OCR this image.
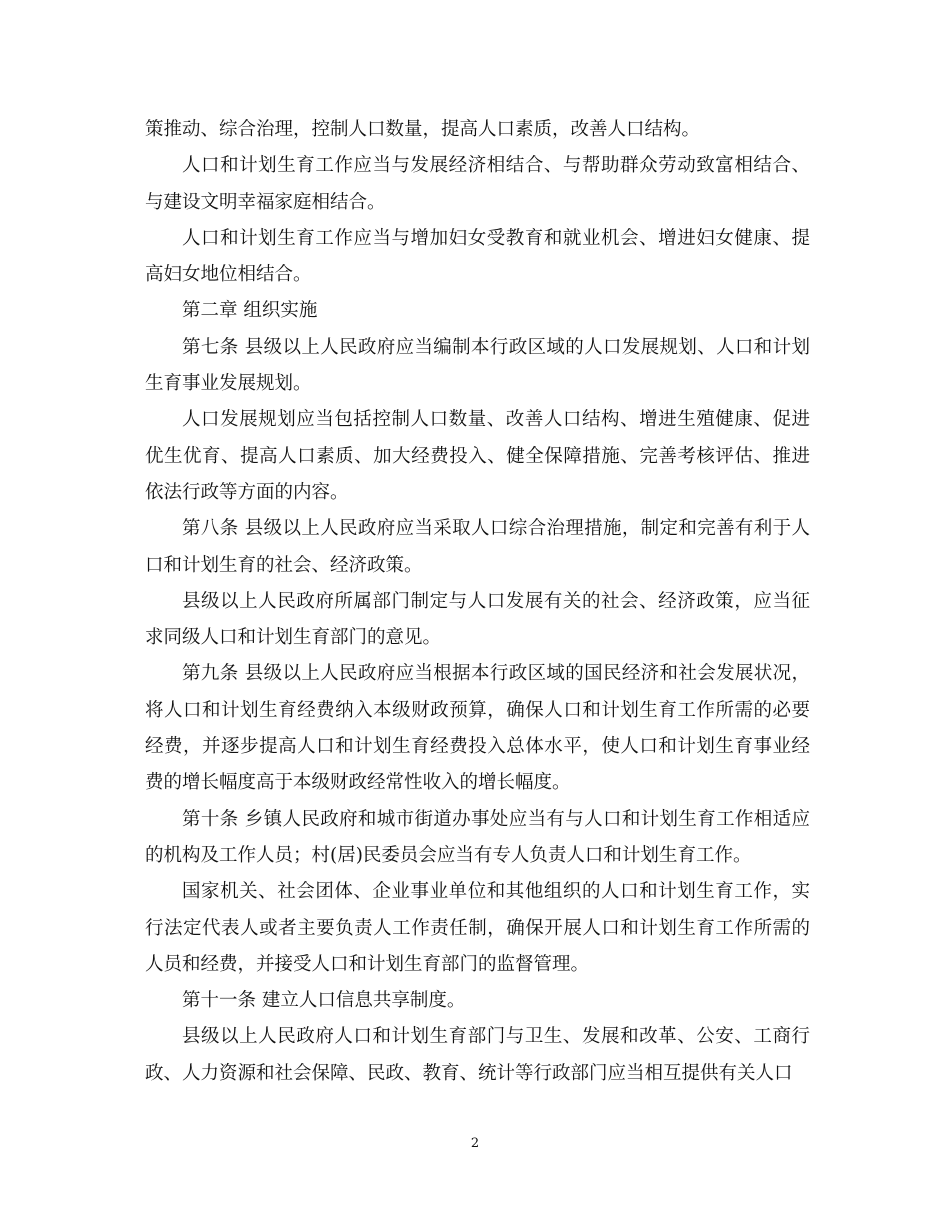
策推动、综合治理，控制人口数量，提高人口素质，改善人口结构。

人口和计划生育工作应当与发展经济相结合、与帮助群众劳动致富相结合、与建设文明幸福家庭相结合。

人口和计划生育工作应当与增加妇女受教育和就业机会、增进妇女健康、提高妇女地位相结合。

第二章 组织实施

第七条 县级以上人民政府应当编制本行政区域的人口发展规划、人口和计划生育事业发展规划。

人口发展规划应当包括控制人口数量、改善人口结构、增进生殖健康、促进优生优育、提高人口素质、加大经费投入、健全保障措施、完善考核评估、推进依法行政等方面的内容。

第八条 县级以上人民政府应当采取人口综合治理措施，制定和完善有利于人口和计划生育的社会、经济政策。

县级以上人民政府所属部门制定与人口发展有关的社会、经济政策，应当征求同级人口和计划生育部门的意见。

第九条 县级以上人民政府应当根据本行政区域的国民经济和社会发展状况，将人口和计划生育经费纳入本级财政预算，确保人口和计划生育工作所需的必要经费，并逐步提高人口和计划生育经费投入总体水平，使人口和计划生育事业经费的增长幅度高于本级财政经常性收入的增长幅度。

第十条 乡镇人民政府和城市街道办事处应当有与人口和计划生育工作相适应的机构及工作人员；村(居)民委员会应当有专人负责人口和计划生育工作。

国家机关、社会团体、企业事业单位和其他组织的人口和计划生育工作，实行法定代表人或者主要负责人工作责任制，确保开展人口和计划生育工作所需的人员和经费，并接受人口和计划生育部门的监督管理。

第十一条 建立人口信息共享制度。

县级以上人民政府人口和计划生育部门与卫生、发展和改革、公安、工商行政、人力资源和社会保障、民政、教育、统计等行政部门应当相互提供有关人口

2
